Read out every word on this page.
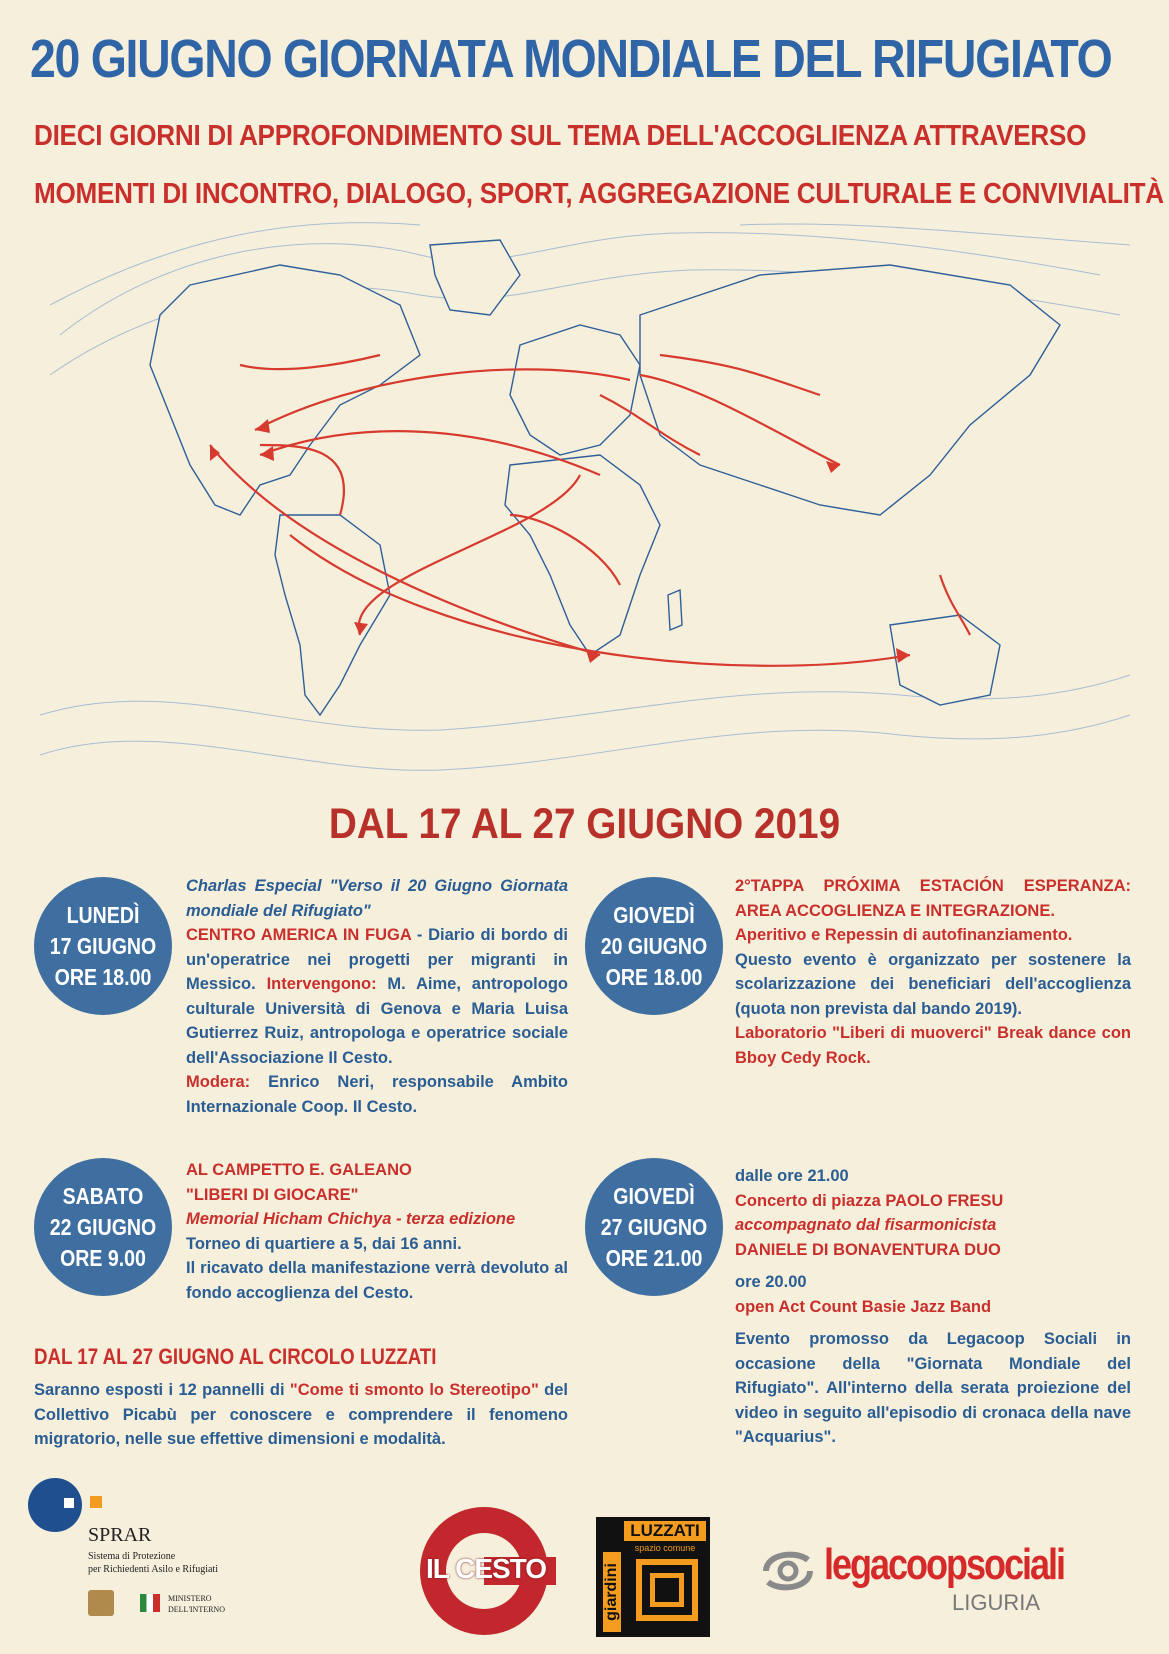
20 GIUGNO GIORNATA MONDIALE DEL RIFUGIATO
DIECI GIORNI DI APPROFONDIMENTO SUL TEMA DELL'ACCOGLIENZA ATTRAVERSO
MOMENTI DI INCONTRO, DIALOGO, SPORT, AGGREGAZIONE CULTURALE E CONVIVIALITÀ
DAL 17 AL 27 GIUGNO 2019
LUNEDÌ
17 GIUGNO
ORE 18.00
Charlas Especial "Verso il 20 Giugno Giornata mondiale del Rifugiato"
CENTRO AMERICA IN FUGA - Diario di bordo di un'operatrice nei progetti per migranti in Messico. Intervengono: M. Aime, antropologo culturale Università di Genova e Maria Luisa Gutierrez Ruiz, antropologa e operatrice sociale dell'Associazione Il Cesto.
Modera: Enrico Neri, responsabile Ambito Internazionale Coop. Il Cesto.
GIOVEDÌ
20 GIUGNO
ORE 18.00
2°TAPPA PRÓXIMA ESTACIÓN ESPERANZA: AREA ACCOGLIENZA E INTEGRAZIONE.
Aperitivo e Repessin di autofinanziamento.
Questo evento è organizzato per sostenere la scolarizzazione dei beneficiari dell'accoglienza (quota non prevista dal bando 2019).
Laboratorio "Liberi di muoverci" Break dance con Bboy Cedy Rock.
SABATO
22 GIUGNO
ORE 9.00
AL CAMPETTO E. GALEANO
"LIBERI DI GIOCARE"
Memorial Hicham Chichya - terza edizione
Torneo di quartiere a 5, dai 16 anni.
Il ricavato della manifestazione verrà devoluto al fondo accoglienza del Cesto.
GIOVEDÌ
27 GIUGNO
ORE 21.00
dalle ore 21.00
Concerto di piazza PAOLO FRESU
accompagnato dal fisarmonicista
DANIELE DI BONAVENTURA DUO
ore 20.00
open Act Count Basie Jazz Band
Evento promosso da Legacoop Sociali in occasione della "Giornata Mondiale del Rifugiato". All'interno della serata proiezione del video in seguito all'episodio di cronaca della nave "Acquarius".
DAL 17 AL 27 GIUGNO AL CIRCOLO LUZZATI
Saranno esposti i 12 pannelli di "Come ti smonto lo Stereotipo" del Collettivo Picabù per conoscere e comprendere il fenomeno migratorio, nelle sue effettive dimensioni e modalità.
SPRAR
Sistema di Protezione
per Richiedenti Asilo e Rifugiati
MINISTERO
DELL'INTERNO
IL CESTO
LUZZATI
spazio comune
giardini	legacoopsociali
LIGURIA
